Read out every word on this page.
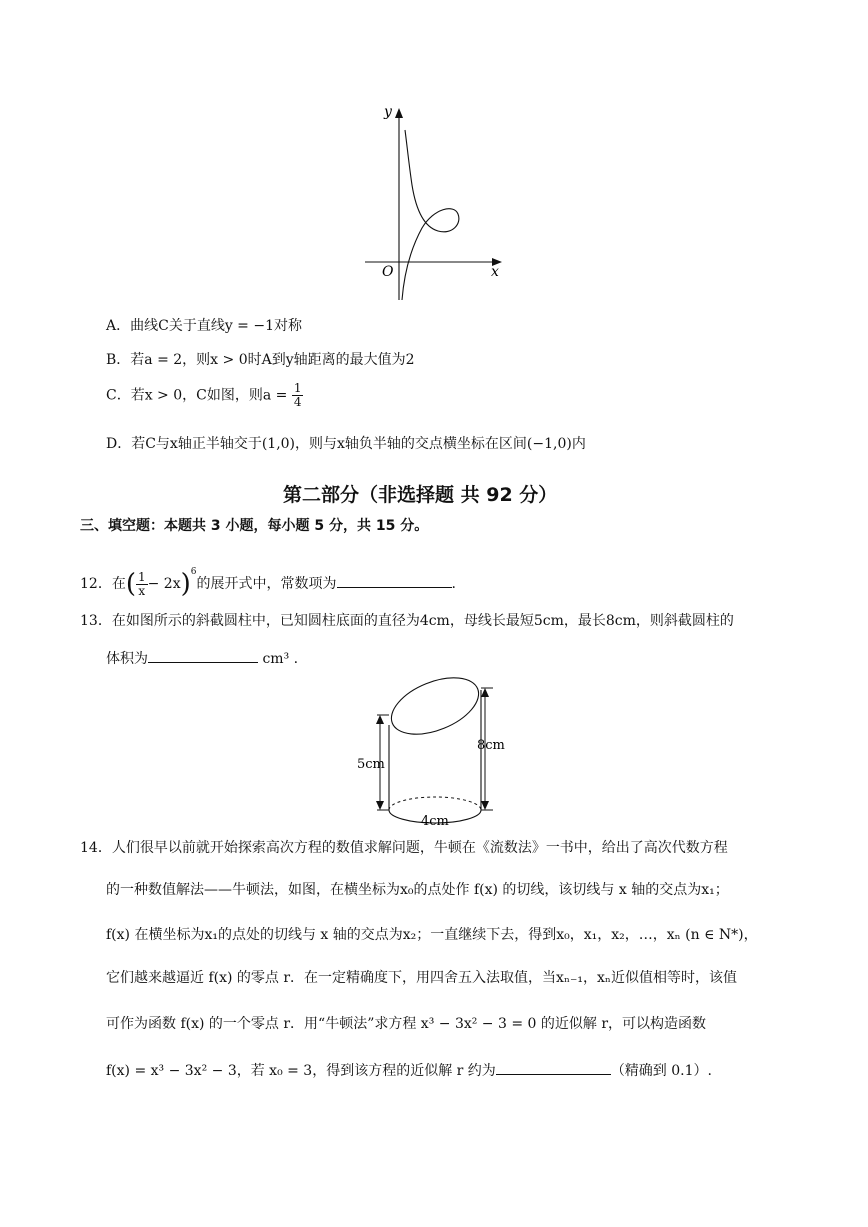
y
x
O
A．曲线C关于直线y = −1对称
B．若a = 2，则x > 0时A到y轴距离的最大值为2
C．若x > 0，C如图，则$a = \frac{1}{4}$
D．若C与x轴正半轴交于(1,0)，则与x轴负半轴的交点横坐标在区间(−1,0)内
第二部分（非选择题 共 92 分）
三、填空题：本题共 3 小题，每小题 5 分，共 15 分。
12．在( $\frac{1}{x} - 2x)^6$的展开式中，常数项为	.
13．在如图所示的斜截圆柱中，已知圆柱底面的直径为4cm，母线长最短5cm，最长8cm，则斜截圆柱的
体积为	cm³ .
5cm
8cm
4cm
14．人们很早以前就开始探索高次方程的数值求解问题，牛顿在《流数法》一书中，给出了高次代数方程
的一种数值解法——牛顿法，如图，在横坐标为x₀的点处作 f(x) 的切线，该切线与 x 轴的交点为x₁；
f(x) 在横坐标为x₁的点处的切线与 x 轴的交点为x₂；一直继续下去，得到x₀，x₁，x₂，…，xₙ (n ∈ N*)，
它们越来越逼近 f(x) 的零点 r．在一定精确度下，用四舍五入法取值，当xₙ₋₁，xₙ近似值相等时，该值
可作为函数 f(x) 的一个零点 r．用“牛顿法”求方程 x³ − 3x² − 3 = 0 的近似解 r，可以构造函数
f(x) = x³ − 3x² − 3，若 x₀ = 3，得到该方程的近似解 r 约为	（精确到 0.1）.
